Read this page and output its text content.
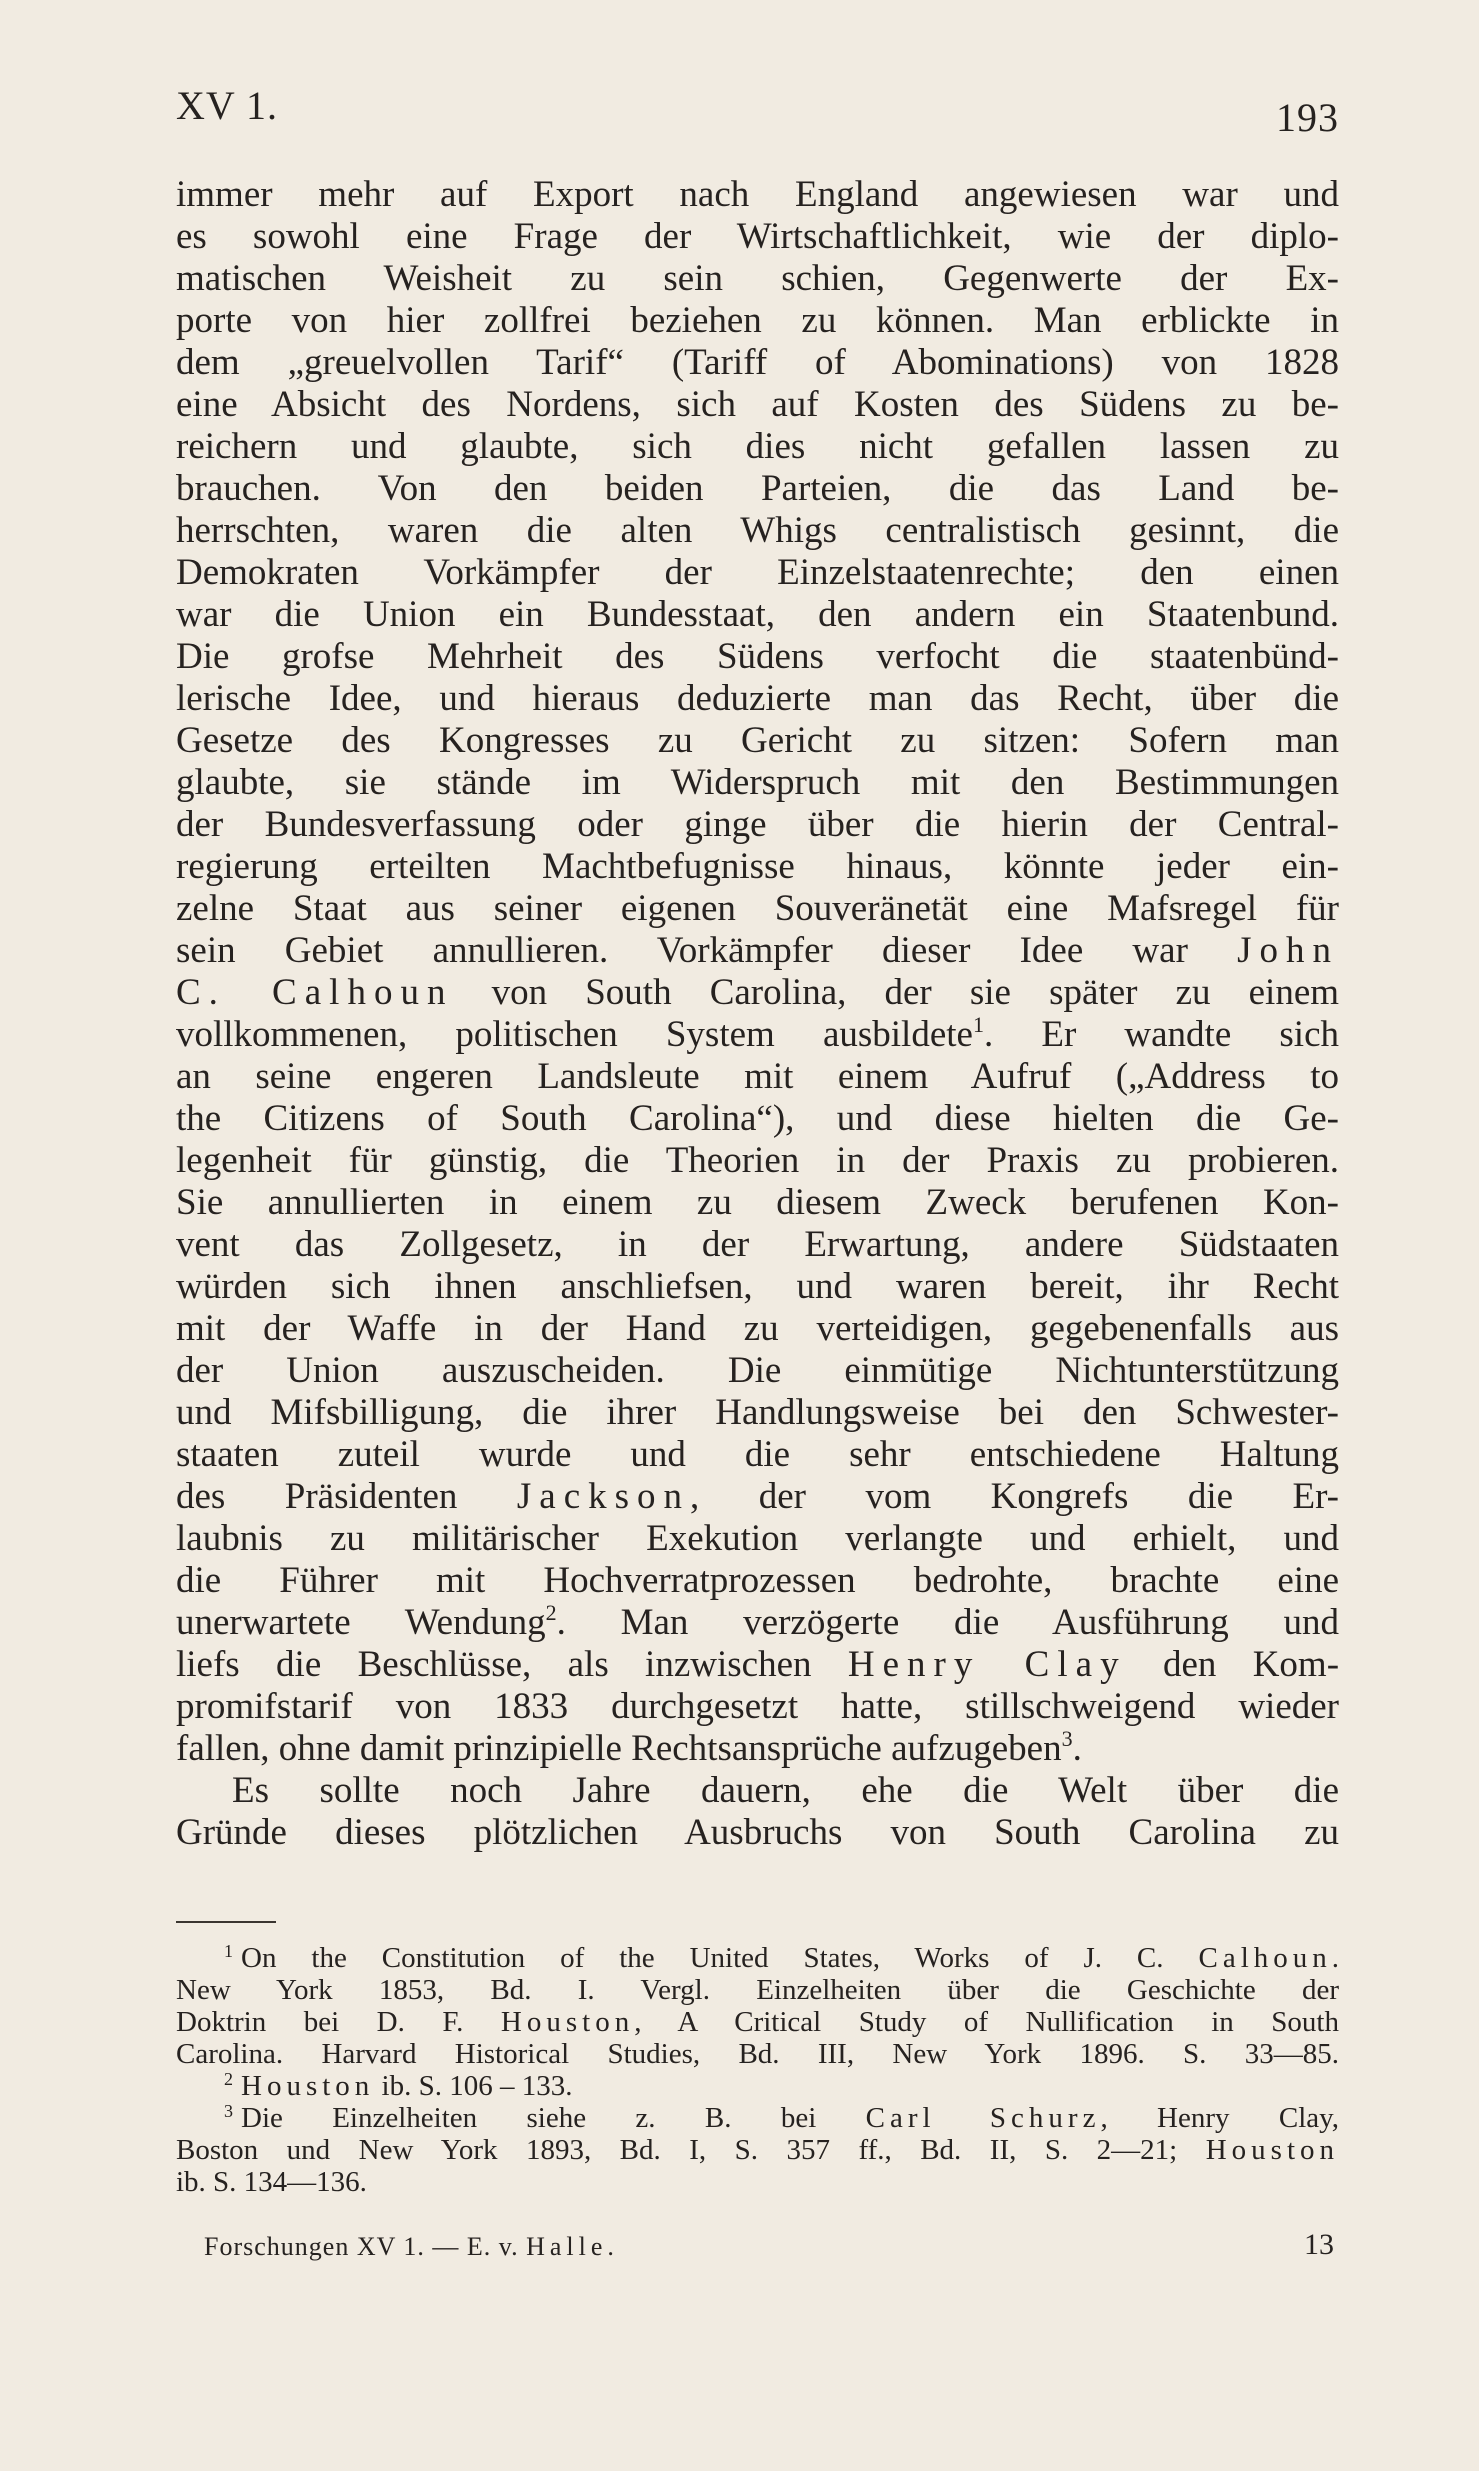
XV 1.	193
immer mehr auf Export nach England angewiesen war und
es sowohl eine Frage der Wirtschaftlichkeit, wie der diplo-
matischen Weisheit zu sein schien, Gegenwerte der Ex-
porte von hier zollfrei beziehen zu können. Man erblickte in
dem „greuelvollen Tarif“ (Tariff of Abominations) von 1828
eine Absicht des Nordens, sich auf Kosten des Südens zu be-
reichern und glaubte, sich dies nicht gefallen lassen zu
brauchen. Von den beiden Parteien, die das Land be-
herrschten, waren die alten Whigs centralistisch gesinnt, die
Demokraten Vorkämpfer der Einzelstaatenrechte; den einen
war die Union ein Bundesstaat, den andern ein Staatenbund.
Die grofse Mehrheit des Südens verfocht die staatenbünd-
lerische Idee, und hieraus deduzierte man das Recht, über die
Gesetze des Kongresses zu Gericht zu sitzen: Sofern man
glaubte, sie stände im Widerspruch mit den Bestimmungen
der Bundesverfassung oder ginge über die hierin der Central-
regierung erteilten Machtbefugnisse hinaus, könnte jeder ein-
zelne Staat aus seiner eigenen Souveränetät eine Mafsregel für
sein Gebiet annullieren. Vorkämpfer dieser Idee war John
C. Calhoun von South Carolina, der sie später zu einem
vollkommenen, politischen System ausbildete$^1$. Er wandte sich
an seine engeren Landsleute mit einem Aufruf („Address to
the Citizens of South Carolina“), und diese hielten die Ge-
legenheit für günstig, die Theorien in der Praxis zu probieren.
Sie annullierten in einem zu diesem Zweck berufenen Kon-
vent das Zollgesetz, in der Erwartung, andere Südstaaten
würden sich ihnen anschliefsen, und waren bereit, ihr Recht
mit der Waffe in der Hand zu verteidigen, gegebenenfalls aus
der Union auszuscheiden. Die einmütige Nichtunterstützung
und Mifsbilligung, die ihrer Handlungsweise bei den Schwester-
staaten zuteil wurde und die sehr entschiedene Haltung
des Präsidenten Jackson, der vom Kongrefs die Er-
laubnis zu militärischer Exekution verlangte und erhielt, und
die Führer mit Hochverratprozessen bedrohte, brachte eine
unerwartete Wendung$^2$. Man verzögerte die Ausführung und
liefs die Beschlüsse, als inzwischen Henry Clay den Kom-
promifstarif von 1833 durchgesetzt hatte, stillschweigend wieder
fallen, ohne damit prinzipielle Rechtsansprüche aufzugeben$^3$.
Es sollte noch Jahre dauern, ehe die Welt über die
Gründe dieses plötzlichen Ausbruchs von South Carolina zu
$^1$ On the Constitution of the United States, Works of J. C. Calhoun.
New York 1853, Bd. I. Vergl. Einzelheiten über die Geschichte der
Doktrin bei D. F. Houston, A Critical Study of Nullification in South
Carolina. Harvard Historical Studies, Bd. III, New York 1896. S. 33—85.
$^2$ Houston ib. S. 106 – 133.
$^3$ Die Einzelheiten siehe z. B. bei Carl Schurz, Henry Clay,
Boston und New York 1893, Bd. I, S. 357 ff., Bd. II, S. 2—21; Houston
ib. S. 134—136.
Forschungen XV 1. — E. v. Halle.	13
